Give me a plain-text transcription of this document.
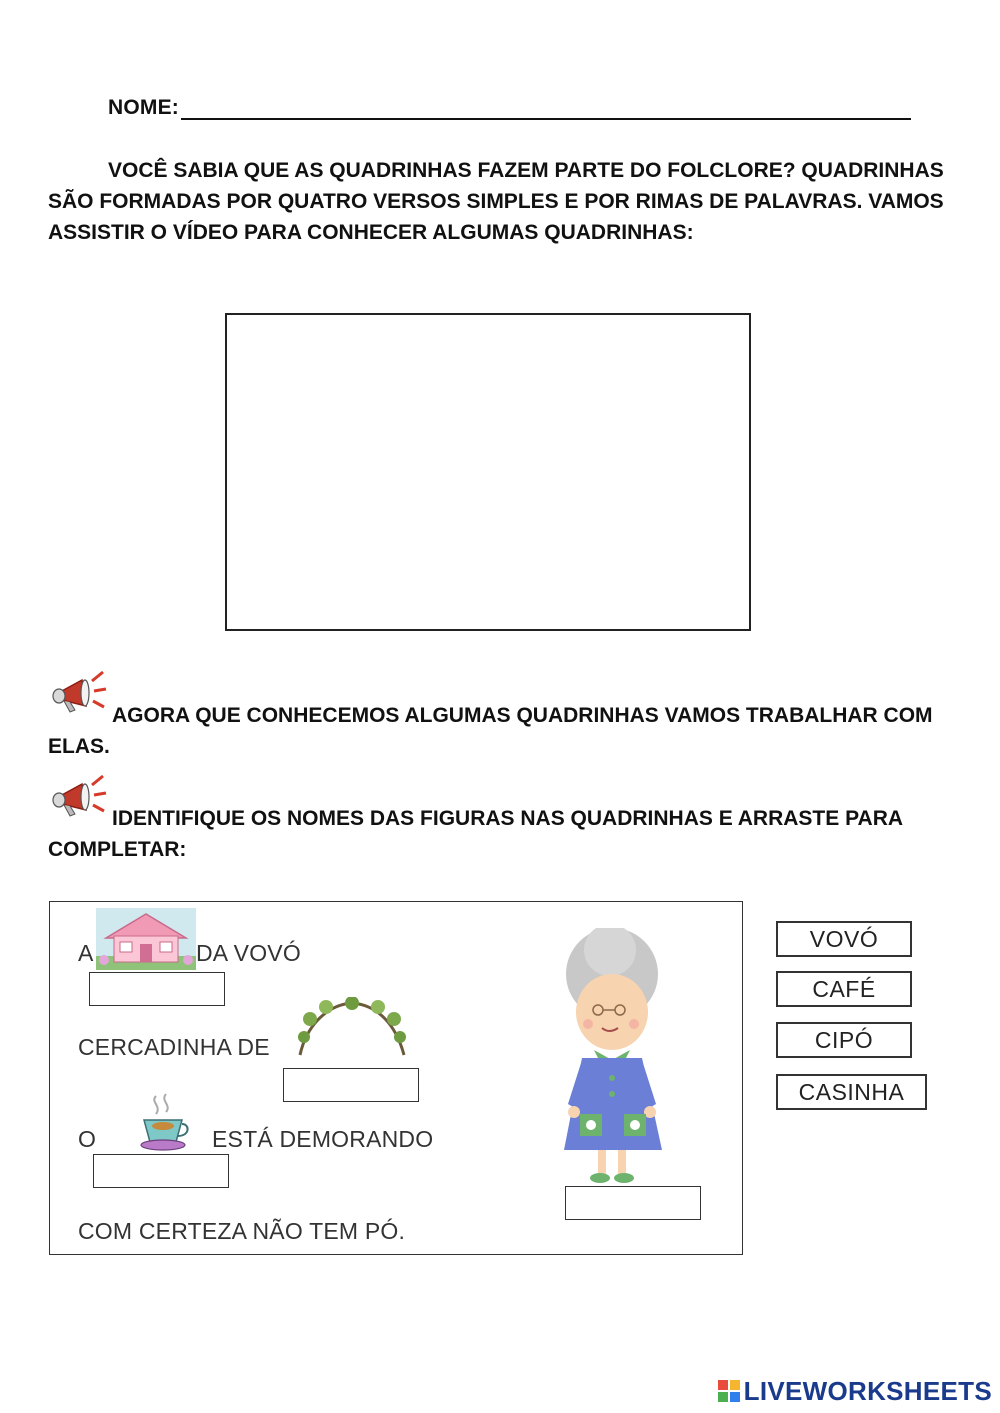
NOME:
VOCÊ SABIA QUE AS QUADRINHAS FAZEM PARTE DO FOLCLORE? QUADRINHAS SÃO FORMADAS POR QUATRO VERSOS SIMPLES E POR RIMAS DE PALAVRAS. VAMOS ASSISTIR O VÍDEO PARA CONHECER ALGUMAS QUADRINHAS:
AGORA QUE CONHECEMOS ALGUMAS QUADRINHAS VAMOS TRABALHAR COM ELAS.
IDENTIFIQUE OS NOMES DAS FIGURAS NAS QUADRINHAS E ARRASTE PARA COMPLETAR:
A	DA VOVÓ
CERCADINHA DE
O	ESTÁ DEMORANDO
COM CERTEZA NÃO TEM PÓ.
VOVÓ
CAFÉ
CIPÓ
CASINHA
LIVEWORKSHEETS
